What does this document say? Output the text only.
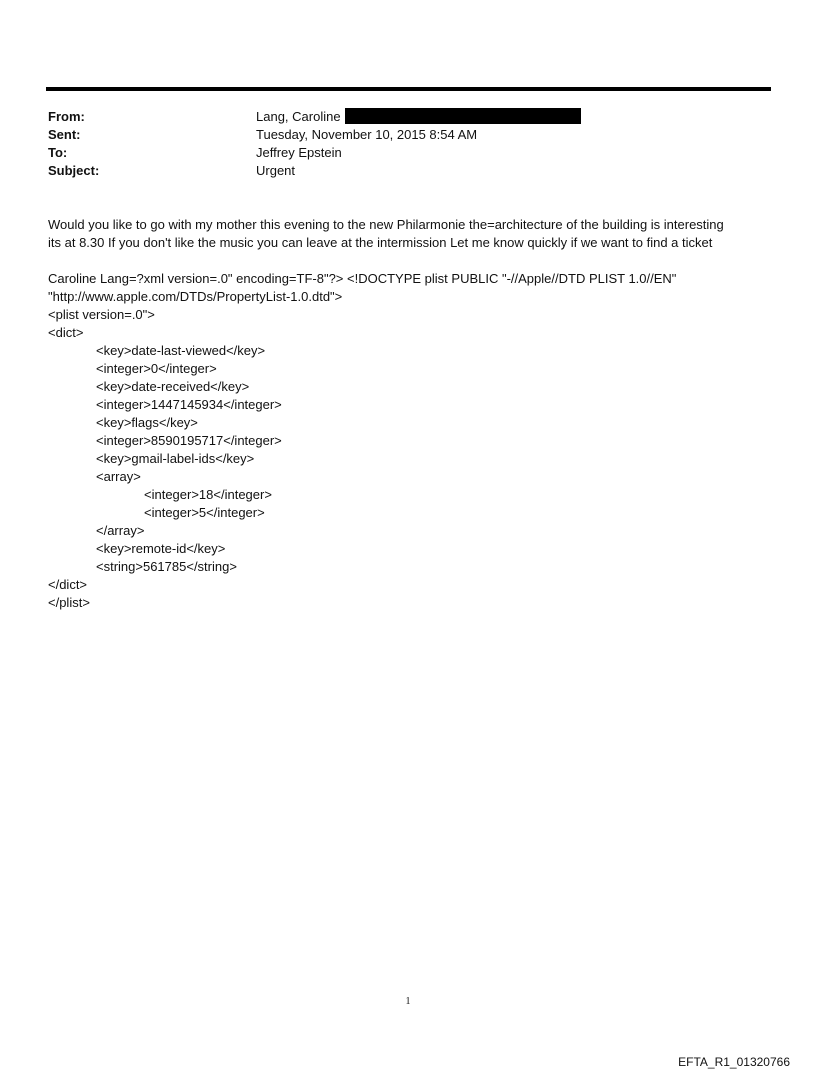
From:	Lang, Caroline
Sent:	Tuesday, November 10, 2015 8:54 AM
To:	Jeffrey Epstein
Subject:	Urgent
Would you like to go with my mother this evening to the new Philarmonie the=architecture of the building is interesting
its at 8.30 If you don't like the music you can leave at the intermission Let me know quickly if we want to find a ticket
Caroline Lang=?xml version=.0" encoding=TF-8"?> <!DOCTYPE plist PUBLIC "-//Apple//DTD PLIST 1.0//EN"
"http://www.apple.com/DTDs/PropertyList-1.0.dtd">
<plist version=.0">
<dict>
<key>date-last-viewed</key>
<integer>0</integer>
<key>date-received</key>
<integer>1447145934</integer>
<key>flags</key>
<integer>8590195717</integer>
<key>gmail-label-ids</key>
<array>
<integer>18</integer>
<integer>5</integer>
</array>
<key>remote-id</key>
<string>561785</string>
</dict>
</plist>
1
EFTA_R1_01320766
